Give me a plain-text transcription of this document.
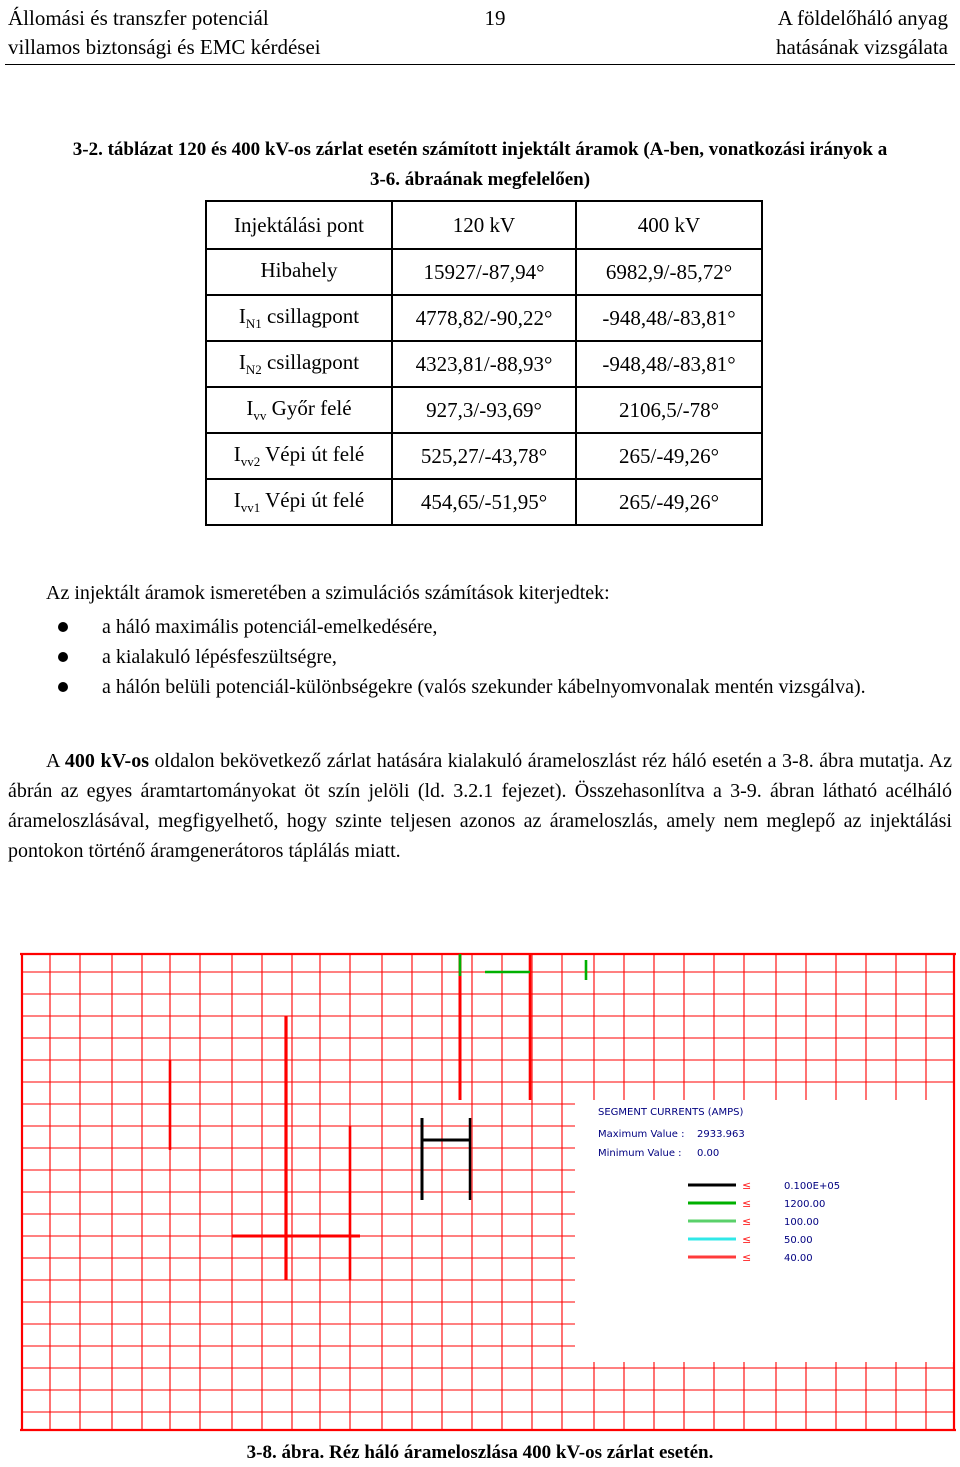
Állomási és transzfer potenciál
villamos biztonsági és EMC kérdései
19	A földelőháló anyag
hatásának vizsgálata
3-2. táblázat 120 és 400 kV-os zárlat esetén számított injektált áramok (A-ben, vonatkozási irányok a
3-6. ábraának megfelelően)
Injektálási pont	120 kV	400 kV
Hibahely	15927/-87,94°	6982,9/-85,72°
$I_{N1}$ csillagpont	4778,82/-90,22°	-948,48/-83,81°
$I_{N2}$ csillagpont	4323,81/-88,93°	-948,48/-83,81°
$I_{vv}$ Győr felé	927,3/-93,69°	2106,5/-78°
$I_{vv2}$ Vépi út felé	525,27/-43,78°	265/-49,26°
$I_{vv1}$ Vépi út felé	454,65/-51,95°	265/-49,26°
Az injektált áramok ismeretében a szimulációs számítások kiterjedtek:
a háló maximális potenciál-emelkedésére,
a kialakuló lépésfeszültségre,
a hálón belüli potenciál-különbségekre (valós szekunder kábelnyomvonalak mentén vizsgálva).
A 400 kV-os oldalon bekövetkező zárlat hatására kialakuló árameloszlást réz háló esetén a 3-8. ábra mutatja. Az ábrán az egyes áramtartományokat öt szín jelöli (ld. 3.2.1 fejezet). Összehasonlítva a 3-9. ábran látható acélháló árameloszlásával, megfigyelhető, hogy szinte teljesen azonos az árameloszlás, amely nem meglepő az injektálási pontokon történő áramgenerátoros táplálás miatt.
SEGMENT CURRENTS (AMPS)
Maximum Value : 2933.963
Minimum Value : 0.00
≤	0.100E+05
≤	1200.00
≤	100.00
≤	50.00
≤	40.00
3-8. ábra. Réz háló árameloszlása 400 kV-os zárlat esetén.
